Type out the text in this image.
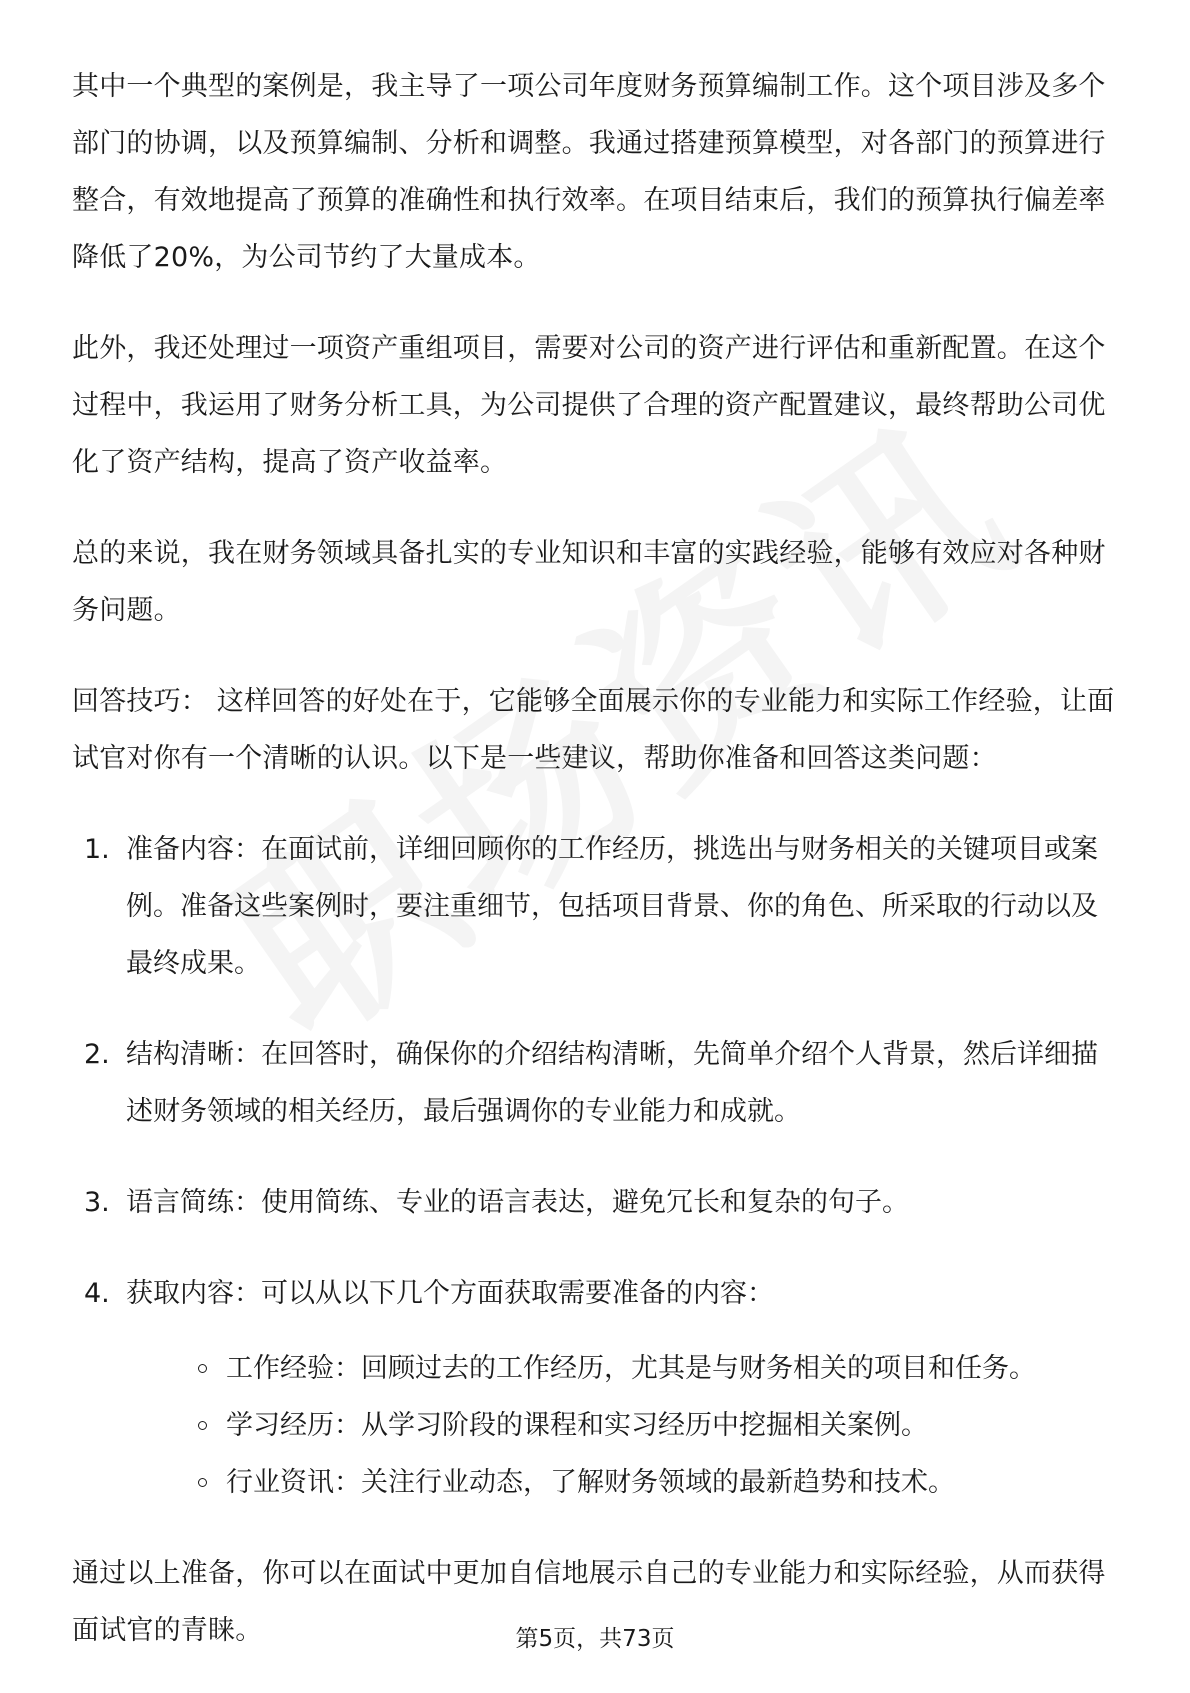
其中一个典型的案例是，我主导了一项公司年度财务预算编制工作。这个项目涉及多个部门的协调，以及预算编制、分析和调整。我通过搭建预算模型，对各部门的预算进行整合，有效地提高了预算的准确性和执行效率。在项目结束后，我们的预算执行偏差率降低了20%，为公司节约了大量成本。

此外，我还处理过一项资产重组项目，需要对公司的资产进行评估和重新配置。在这个过程中，我运用了财务分析工具，为公司提供了合理的资产配置建议，最终帮助公司优化了资产结构，提高了资产收益率。

总的来说，我在财务领域具备扎实的专业知识和丰富的实践经验，能够有效应对各种财务问题。

回答技巧： 这样回答的好处在于，它能够全面展示你的专业能力和实际工作经验，让面试官对你有一个清晰的认识。以下是一些建议，帮助你准备和回答这类问题：

1. 准备内容：在面试前，详细回顾你的工作经历，挑选出与财务相关的关键项目或案例。准备这些案例时，要注重细节，包括项目背景、你的角色、所采取的行动以及最终成果。
2. 结构清晰：在回答时，确保你的介绍结构清晰，先简单介绍个人背景，然后详细描述财务领域的相关经历，最后强调你的专业能力和成就。
3. 语言简练：使用简练、专业的语言表达，避免冗长和复杂的句子。
4. 获取内容：可以从以下几个方面获取需要准备的内容：
工作经验：回顾过去的工作经历，尤其是与财务相关的项目和任务。
学习经历：从学习阶段的课程和实习经历中挖掘相关案例。
行业资讯：关注行业动态，了解财务领域的最新趋势和技术。

通过以上准备，你可以在面试中更加自信地展示自己的专业能力和实际经验，从而获得面试官的青睐。	第5页，共73页
